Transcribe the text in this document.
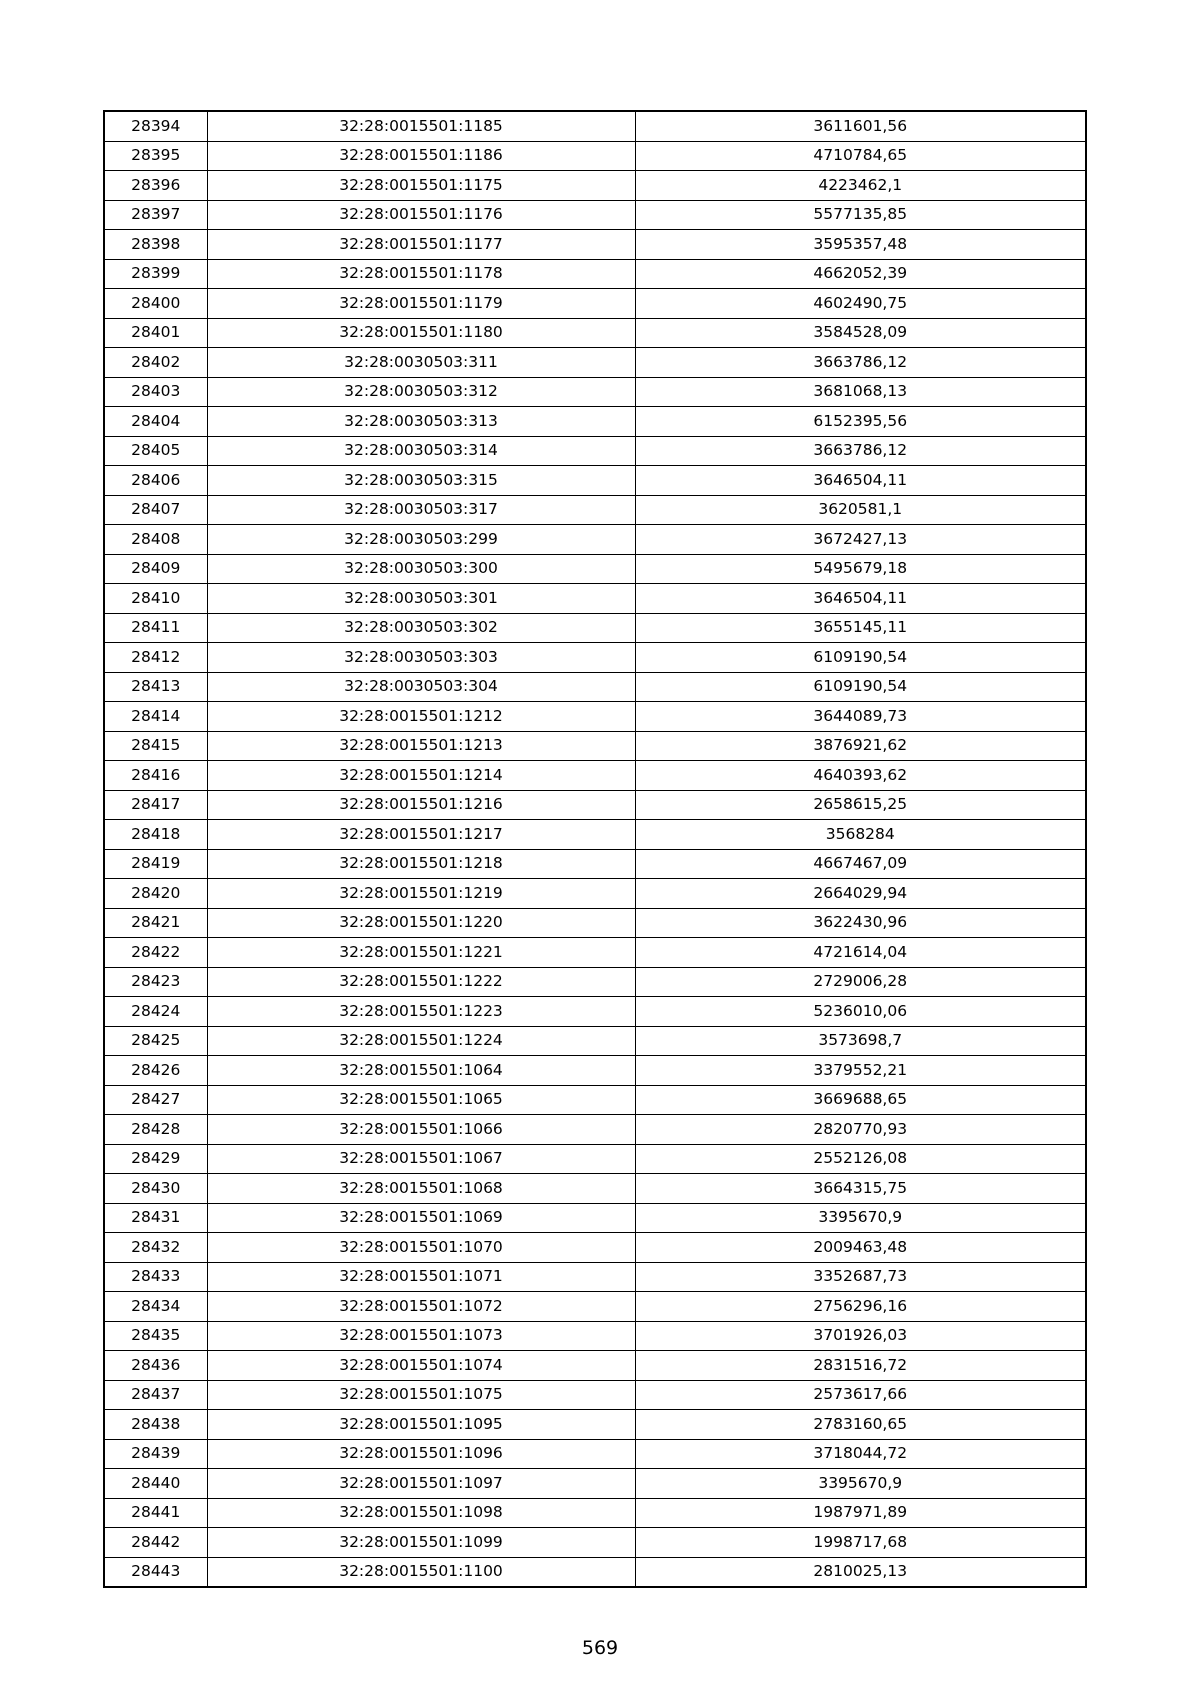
28394	32:28:0015501:1185	3611601,56
28395	32:28:0015501:1186	4710784,65
28396	32:28:0015501:1175	4223462,1
28397	32:28:0015501:1176	5577135,85
28398	32:28:0015501:1177	3595357,48
28399	32:28:0015501:1178	4662052,39
28400	32:28:0015501:1179	4602490,75
28401	32:28:0015501:1180	3584528,09
28402	32:28:0030503:311	3663786,12
28403	32:28:0030503:312	3681068,13
28404	32:28:0030503:313	6152395,56
28405	32:28:0030503:314	3663786,12
28406	32:28:0030503:315	3646504,11
28407	32:28:0030503:317	3620581,1
28408	32:28:0030503:299	3672427,13
28409	32:28:0030503:300	5495679,18
28410	32:28:0030503:301	3646504,11
28411	32:28:0030503:302	3655145,11
28412	32:28:0030503:303	6109190,54
28413	32:28:0030503:304	6109190,54
28414	32:28:0015501:1212	3644089,73
28415	32:28:0015501:1213	3876921,62
28416	32:28:0015501:1214	4640393,62
28417	32:28:0015501:1216	2658615,25
28418	32:28:0015501:1217	3568284
28419	32:28:0015501:1218	4667467,09
28420	32:28:0015501:1219	2664029,94
28421	32:28:0015501:1220	3622430,96
28422	32:28:0015501:1221	4721614,04
28423	32:28:0015501:1222	2729006,28
28424	32:28:0015501:1223	5236010,06
28425	32:28:0015501:1224	3573698,7
28426	32:28:0015501:1064	3379552,21
28427	32:28:0015501:1065	3669688,65
28428	32:28:0015501:1066	2820770,93
28429	32:28:0015501:1067	2552126,08
28430	32:28:0015501:1068	3664315,75
28431	32:28:0015501:1069	3395670,9
28432	32:28:0015501:1070	2009463,48
28433	32:28:0015501:1071	3352687,73
28434	32:28:0015501:1072	2756296,16
28435	32:28:0015501:1073	3701926,03
28436	32:28:0015501:1074	2831516,72
28437	32:28:0015501:1075	2573617,66
28438	32:28:0015501:1095	2783160,65
28439	32:28:0015501:1096	3718044,72
28440	32:28:0015501:1097	3395670,9
28441	32:28:0015501:1098	1987971,89
28442	32:28:0015501:1099	1998717,68
28443	32:28:0015501:1100	2810025,13
569
